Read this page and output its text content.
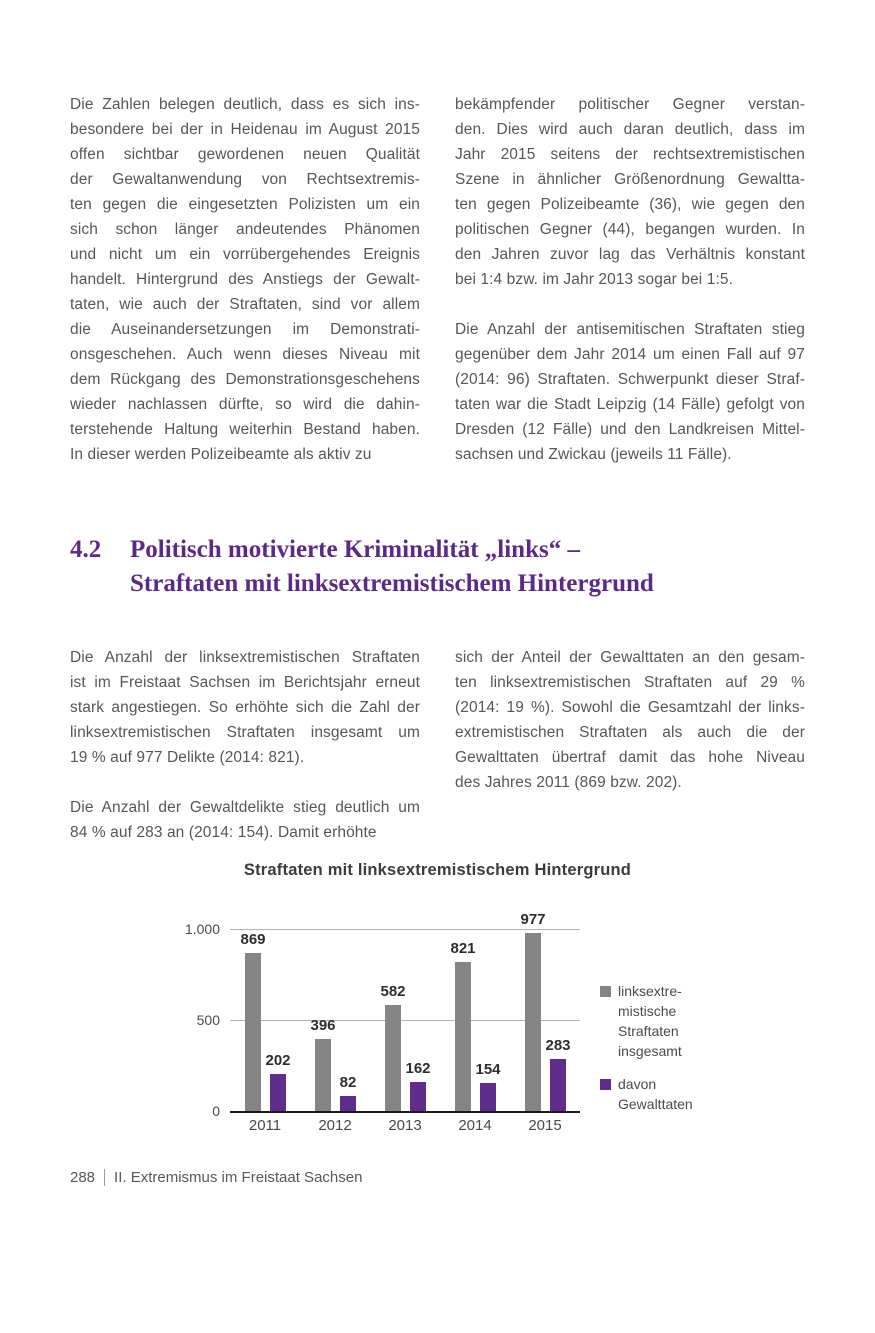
Die Zahlen belegen deutlich, dass es sich ins-
besondere bei der in Heidenau im August 2015
offen sichtbar gewordenen neuen Qualität
der Gewaltanwendung von Rechtsextremis-
ten gegen die eingesetzten Polizisten um ein
sich schon länger andeutendes Phänomen
und nicht um ein vorrübergehendes Ereignis
handelt. Hintergrund des Anstiegs der Gewalt-
taten, wie auch der Straftaten, sind vor allem
die Auseinandersetzungen im Demonstrati-
onsgeschehen. Auch wenn dieses Niveau mit
dem Rückgang des Demonstrationsgeschehens
wieder nachlassen dürfte, so wird die dahin-
terstehende Haltung weiterhin Bestand haben.
In dieser werden Polizeibeamte als aktiv zu
bekämpfender politischer Gegner verstan-
den. Dies wird auch daran deutlich, dass im
Jahr 2015 seitens der rechtsextremistischen
Szene in ähnlicher Größenordnung Gewaltta-
ten gegen Polizeibeamte (36), wie gegen den
politischen Gegner (44), begangen wurden. In
den Jahren zuvor lag das Verhältnis konstant
bei 1:4 bzw. im Jahr 2013 sogar bei 1:5.
Die Anzahl der antisemitischen Straftaten stieg
gegenüber dem Jahr 2014 um einen Fall auf 97
(2014: 96) Straftaten. Schwerpunkt dieser Straf-
taten war die Stadt Leipzig (14 Fälle) gefolgt von
Dresden (12 Fälle) und den Landkreisen Mittel-
sachsen und Zwickau (jeweils 11 Fälle).
4.2	Politisch motivierte Kriminalität „links“ –
Straftaten mit linksextremistischem Hintergrund
Die Anzahl der linksextremistischen Straftaten
ist im Freistaat Sachsen im Berichtsjahr erneut
stark angestiegen. So erhöhte sich die Zahl der
linksextremistischen Straftaten insgesamt um
19 % auf 977 Delikte (2014: 821).
Die Anzahl der Gewaltdelikte stieg deutlich um
84 % auf 283 an (2014: 154). Damit erhöhte
sich der Anteil der Gewalttaten an den gesam-
ten linksextremistischen Straftaten auf 29 %
(2014: 19 %). Sowohl die Gesamtzahl der links-
extremistischen Straftaten als auch die der
Gewalttaten übertraf damit das hohe Niveau
des Jahres 2011 (869 bzw. 202).
Straftaten mit linksextremistischem Hintergrund
869
202
2011
396
82
2012
582
162
2013
821
154
2014
977
283
2015
0
500
1.000
linksextre-
mistische
Straftaten
insgesamt
davon
Gewalttaten
288 II. Extremismus im Freistaat Sachsen
